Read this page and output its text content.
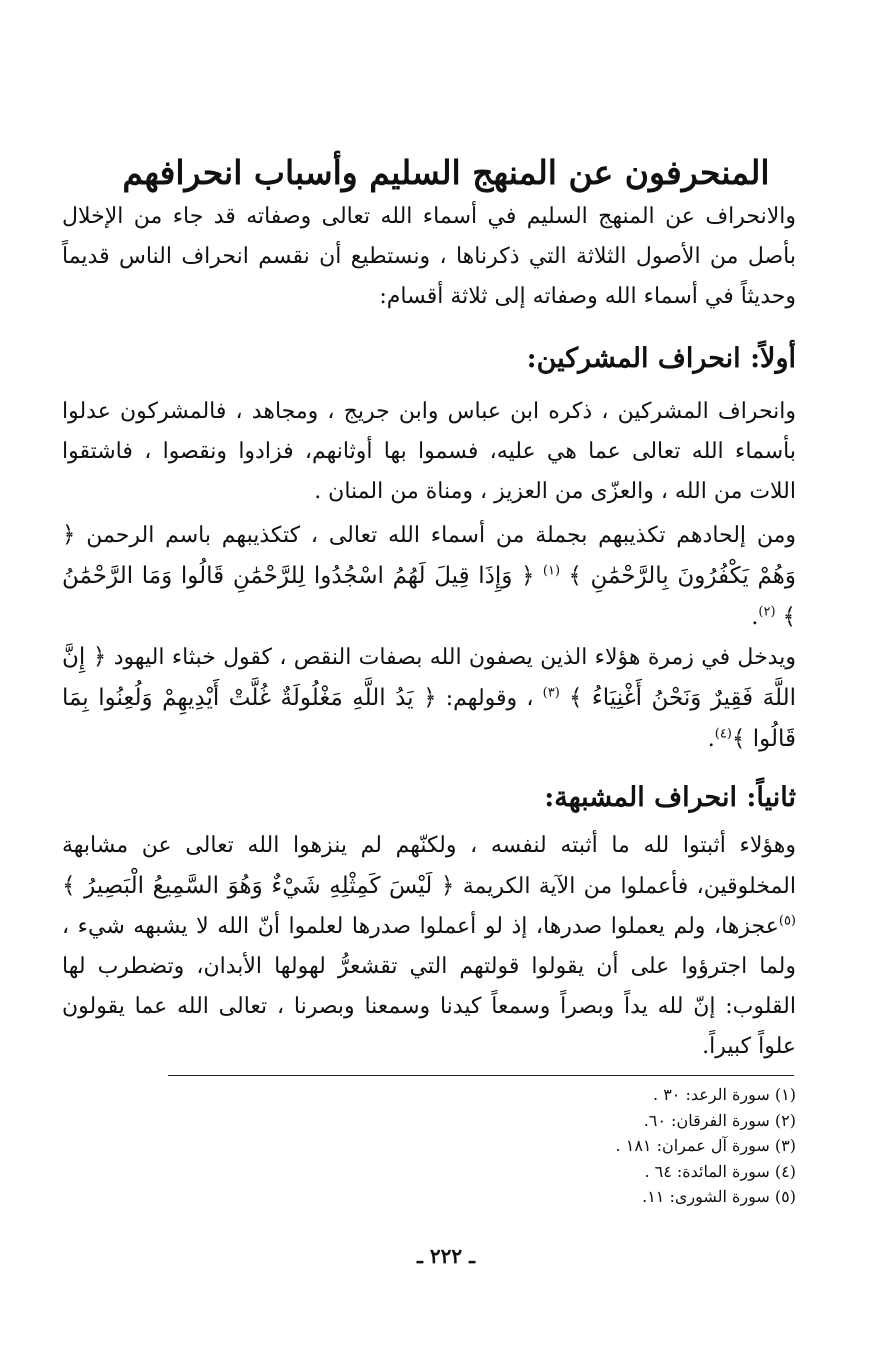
المنحرفون عن المنهج السليم وأسباب انحرافهم

والانحراف عن المنهج السليم في أسماء الله تعالى وصفاته قد جاء من الإخلال بأصل من الأصول الثلاثة التي ذكرناها ، ونستطيع أن نقسم انحراف الناس قديماً وحديثاً في أسماء الله وصفاته إلى ثلاثة أقسام:

أولاً: انحراف المشركين:

وانحراف المشركين ، ذكره ابن عباس وابن جريج ، ومجاهد ، فالمشركون عدلوا بأسماء الله تعالى عما هي عليه، فسموا بها أوثانهم، فزادوا ونقصوا ، فاشتقوا اللات من الله ، والعزّى من العزيز ، ومناة من المنان .

ومن إلحادهم تكذيبهم بجملة من أسماء الله تعالى ، كتكذيبهم باسم الرحمن ﴿ وَهُمْ يَكْفُرُونَ بِالرَّحْمَٰنِ ﴾ $^{(١)}$ ﴿ وَإِذَا قِيلَ لَهُمُ اسْجُدُوا لِلرَّحْمَٰنِ قَالُوا وَمَا الرَّحْمَٰنُ ﴾ $^{(٢)}$.

ويدخل في زمرة هؤلاء الذين يصفون الله بصفات النقص ، كقول خبثاء اليهود ﴿ إِنَّ اللَّهَ فَقِيرٌ وَنَحْنُ أَغْنِيَاءُ ﴾ $^{(٣)}$ ، وقولهم: ﴿ يَدُ اللَّهِ مَغْلُولَةٌ غُلَّتْ أَيْدِيهِمْ وَلُعِنُوا بِمَا قَالُوا ﴾$^{(٤)}$.

ثانياً: انحراف المشبهة:

وهؤلاء أثبتوا لله ما أثبته لنفسه ، ولكنّهم لم ينزهوا الله تعالى عن مشابهة المخلوقين، فأعملوا من الآية الكريمة ﴿ لَيْسَ كَمِثْلِهِ شَيْءٌ وَهُوَ السَّمِيعُ الْبَصِيرُ ﴾$^{(٥)}$عجزها، ولم يعملوا صدرها، إذ لو أعملوا صدرها لعلموا أنّ الله لا يشبهه شيء ، ولما اجترؤوا على أن يقولوا قولتهم التي تقشعرُّ لهولها الأبدان، وتضطرب لها القلوب: إنّ لله يداً وبصراً وسمعاً كيدنا وسمعنا وبصرنا ، تعالى الله عما يقولون علواً كبيراً.

(١) سورة الرعد: ٣٠ .
(٢) سورة الفرقان: ٦٠.
(٣) سورة آل عمران: ١٨١ .
(٤) سورة المائدة: ٦٤ .
(٥) سورة الشورى: ١١.
ـ ٢٢٢ ـ
